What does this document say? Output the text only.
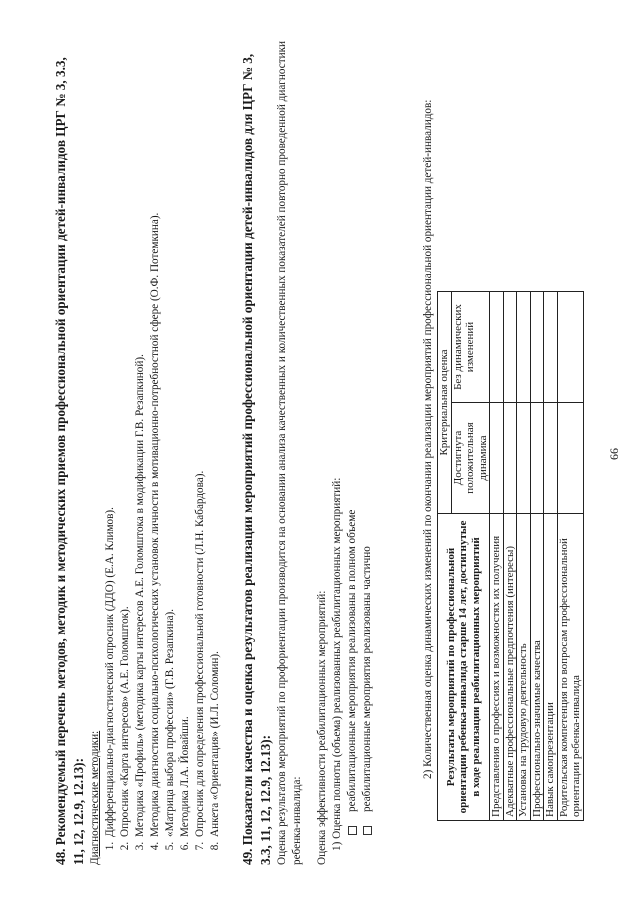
66

48. Рекомендуемый перечень методов, методик и методических приемов профессиональной ориентации детей-инвалидов ЦРГ № 3, 3.3, 11, 12, 12.9, 12.13): Диагностические методики: 1. Дифференциально-диагностический опросник (ДДО) (Е.А. Климов). 2. Опросник «Карта интересов» (А.Е. Голомшток). 3. Методика «Профиль» (методика карты интересов А.Е. Голомштока в модификации Г.В. Резапкиной). 4. Методика диагностики социально-психологических установок личности в мотивационно-потребностной сфере (О.Ф. Потемкина). 5. «Матрица выбора профессии» (Г.В. Резапкина). 6. Методика Л.А. Йовайши. 7. Опросник для определения профессиональной готовности (Л.Н. Кабардова). 8. Анкета «Ориентация» (И.Л. Соломин). 49. Показатели качества и оценка результатов реализации мероприятий профессиональной ориентации детей-инвалидов для ЦРГ № 3, 3.3, 11, 12, 12.9, 12.13): Оценка результатов мероприятий по профориентации производится на основании анализа качественных и количественных показателей повторно проведенной диагностики ребенка-инвалида: Оценка эффективности реабилитационных мероприятий: 1) Оценка полноты (объема) реализованных реабилитационных мероприятий: реабилитационные мероприятия реализованы в полном объеме реабилитационные мероприятия реализованы частично	2) Количественная оценка динамических изменений по окончании реализации мероприятий профессиональной ориентации детей-инвалидов: Результаты мероприятий по профессиональной ориентации ребенка-инвалида старше 14 лет, достигнутые в ходе реализации реабилитационных мероприятий	Критериальная оценка	
	Достигнута положительная динамика	Без динамических изменений
Представления о профессиях и возможностях их получения		
Адекватные профессиональные предпочтения (интересы)		
Установка на трудовую деятельность		
Профессионально-значимые качества		
Навык самопрезентации		
Родительская компетенция по вопросам профессиональной ориентации ребенка-инвалида		
